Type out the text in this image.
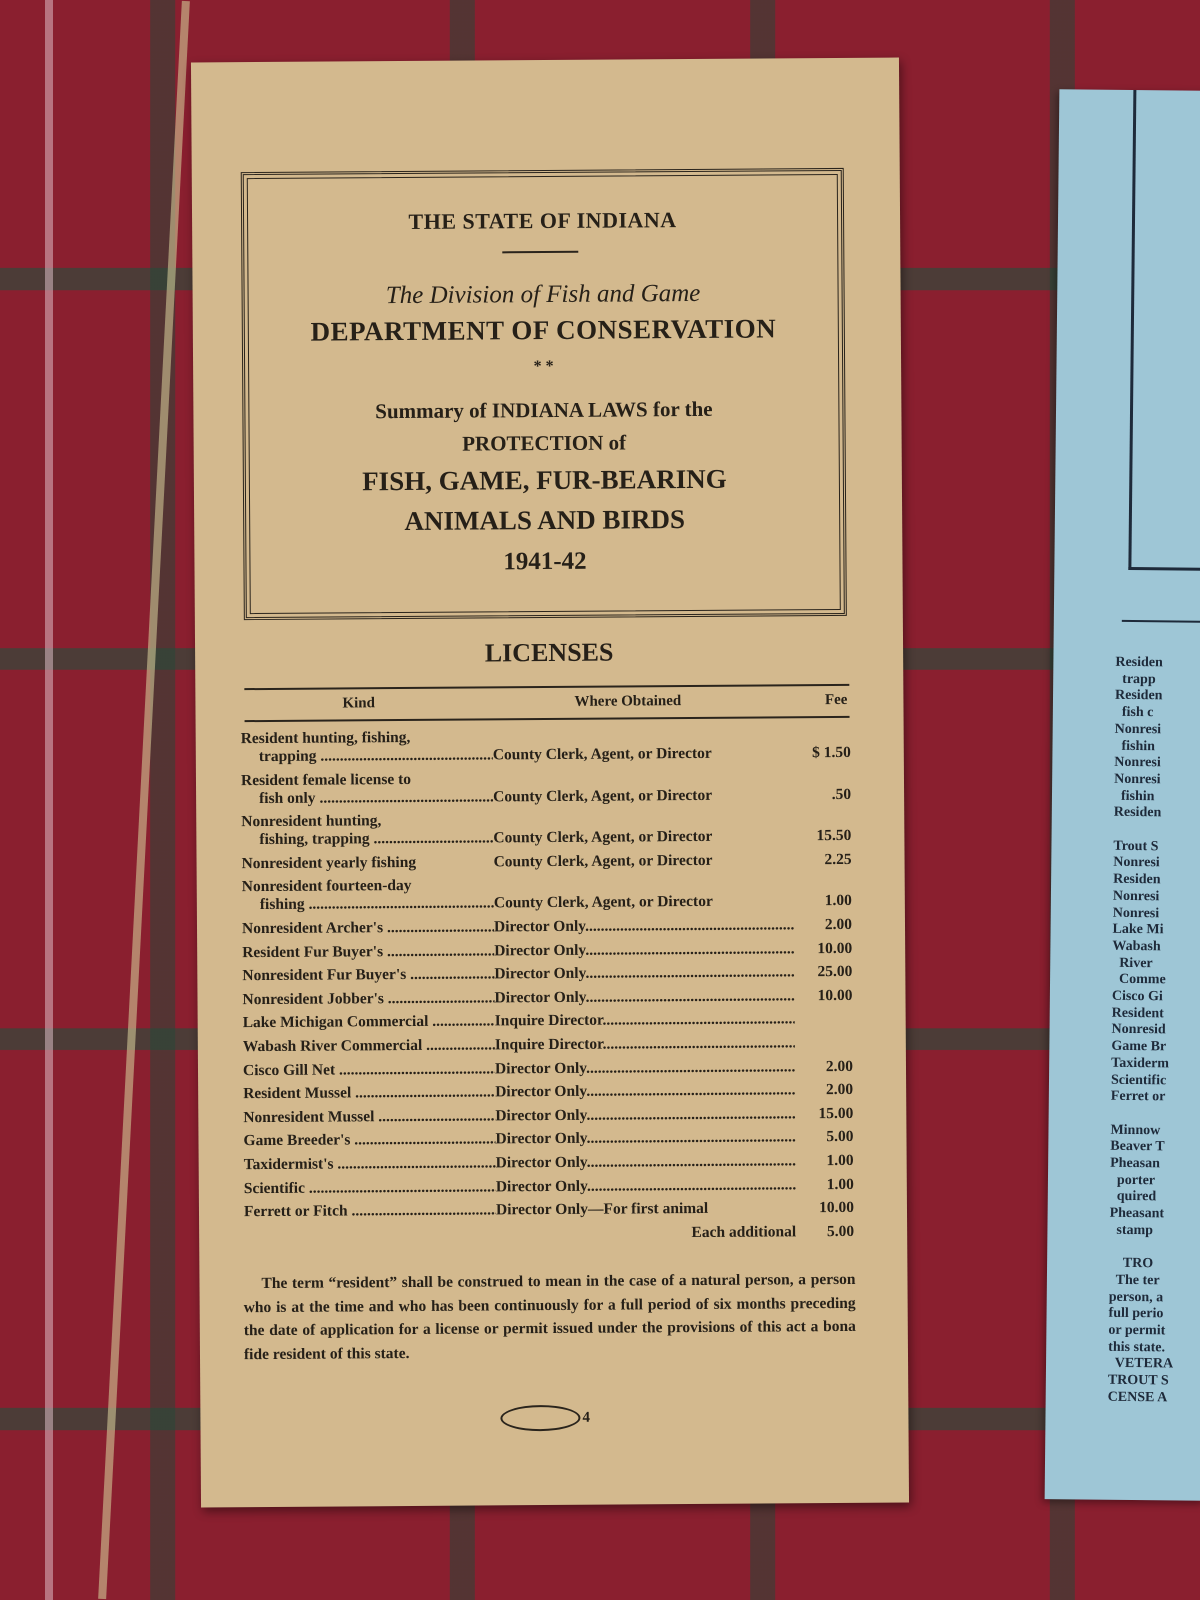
THE STATE OF INDIANA
The Division of Fish and Game
DEPARTMENT OF CONSERVATION
* *
Summary of INDIANA LAWS for the
PROTECTION of
FISH, GAME, FUR-BEARING
ANIMALS AND BIRDS
1941-42
LICENSES
Kind	Where Obtained	Fee
Resident hunting, fishing,
trapping .....	County Clerk, Agent, or Director	$ 1.50
Resident female license to
fish only .....	County Clerk, Agent, or Director	.50
Nonresident hunting,
fishing, trapping .....	County Clerk, Agent, or Director	15.50
Nonresident yearly fishing	County Clerk, Agent, or Director	2.25
Nonresident fourteen-day
fishing .....	County Clerk, Agent, or Director	1.00
Nonresident Archer's .....	Director Only .....	2.00
Resident Fur Buyer's .....	Director Only .....	10.00
Nonresident Fur Buyer's .....	Director Only .....	25.00
Nonresident Jobber's .....	Director Only .....	10.00
Lake Michigan Commercial .....	Inquire Director .....
Wabash River Commercial .....	Inquire Director .....
Cisco Gill Net .....	Director Only .....	2.00
Resident Mussel .....	Director Only .....	2.00
Nonresident Mussel .....	Director Only .....	15.00
Game Breeder's .....	Director Only .....	5.00
Taxidermist's .....	Director Only .....	1.00
Scientific .....	Director Only .....	1.00
Ferrett or Fitch .....	Director Only—For first animal	10.00
Each additional	5.00
The term “resident” shall be construed to mean in the case of a natural person, a person who is at the time and who has been continuously for a full period of six months preceding the date of application for a license or permit issued under the provisions of this act a bona fide resident of this state.
4
Residen
trapp
Residen
fish c
Nonresi
fishin
Nonresi
Nonresi
fishin
Residen
Trout S
Nonresi
Residen
Nonresi
Nonresi
Lake Mi
Wabash
River
Comme
Cisco Gi
Resident
Nonresid
Game Br
Taxiderm
Scientific
Ferret or
Minnow
Beaver T
Pheasan
porter
quired
Pheasant
stamp
TRO
The ter
person, a
full perio
or permit
this state.
VETERA
TROUT S
CENSE A
